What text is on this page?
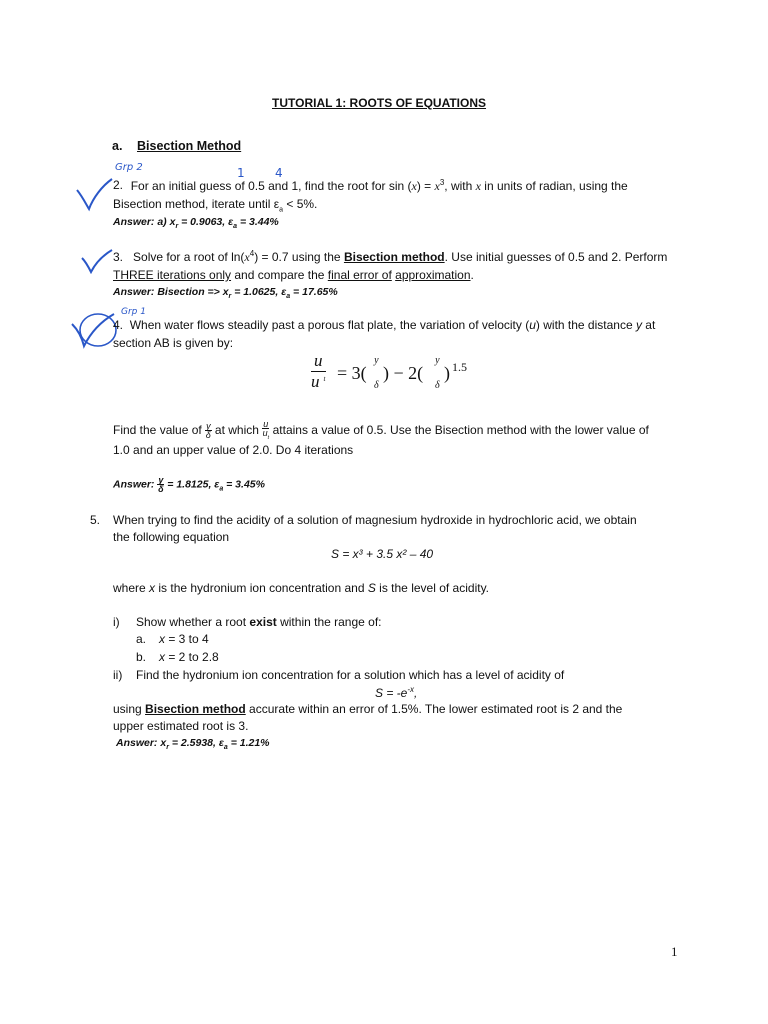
TUTORIAL 1: ROOTS OF EQUATIONS
a. Bisection Method
Grp 2	1	4
2. For an initial guess of 0.5 and 1, find the root for $\sin (x) = x^3$, with x in units of radian, using the
Bisection method, iterate until $\varepsilon_a < 5\%$.
Answer: a) $x_r = 0.9063$, $\varepsilon_a = 3.44\%$
3. Solve for a root of $\ln(x^4) = 0.7$ using the Bisection method. Use initial guesses of 0.5 and 2. Perform
THREE iterations only and compare the final error of approximation.
Answer: Bisection => $x_r = 1.0625$, $\varepsilon_a = 17.65\%$
Grp 1
4. When water flows steadily past a porous flat plate, the variation of velocity (u) with the distance y at
section AB is given by:
u
u t = 3(
y
δ
) − 2(
y
δ
) 1.5
Find the value of $\frac{y}{\delta}$ at which $\frac{u}{u_t}$ attains a value of 0.5. Use the Bisection method with the lower value of
1.0 and an upper value of 2.0. Do 4 iterations
Answer: $\frac{y}{\delta} = 1.8125$, $\varepsilon_a = 3.45\%$
5. When trying to find the acidity of a solution of magnesium hydroxide in hydrochloric acid, we obtain
the following equation
S = x³ + 3.5 x² – 40
where x is the hydronium ion concentration and S is the level of acidity.
i) Show whether a root exist within the range of:
a. x = 3 to 4
b. x = 2 to 2.8
ii) Find the hydronium ion concentration for a solution which has a level of acidity of
$S = -e^{-x}$,
using Bisection method accurate within an error of 1.5%. The lower estimated root is 2 and the
upper estimated root is 3.
Answer: $x_r = 2.5938$, $\varepsilon_a = 1.21\%$
1
